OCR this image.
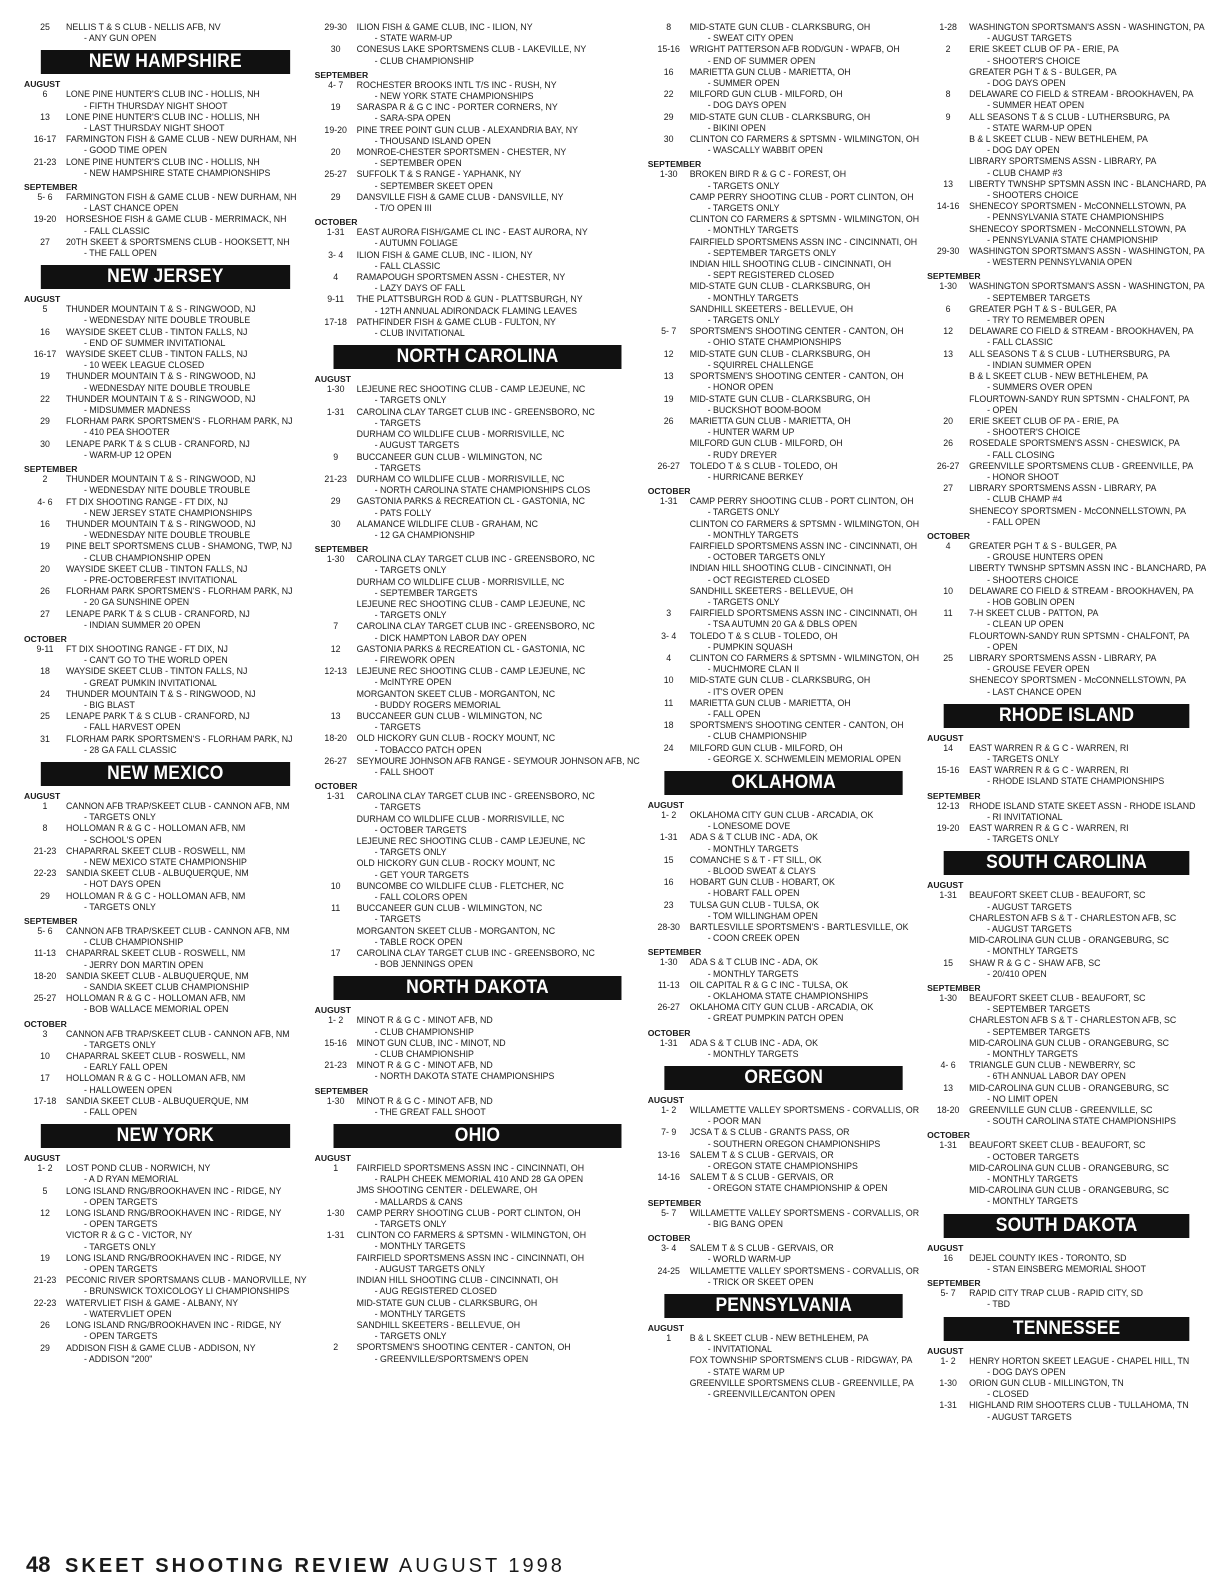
25	NELLIS T & S CLUB - NELLIS AFB, NV
- ANY GUN OPEN
NEW HAMPSHIRE
AUGUST
6	LONE PINE HUNTER'S CLUB INC - HOLLIS, NH
- FIFTH THURSDAY NIGHT SHOOT
13	LONE PINE HUNTER'S CLUB INC - HOLLIS, NH
- LAST THURSDAY NIGHT SHOOT
16-17	FARMINGTON FISH & GAME CLUB - NEW DURHAM, NH
- GOOD TIME OPEN
21-23	LONE PINE HUNTER'S CLUB INC - HOLLIS, NH
- NEW HAMPSHIRE STATE CHAMPIONSHIPS
SEPTEMBER
5- 6	FARMINGTON FISH & GAME CLUB - NEW DURHAM, NH
- LAST CHANCE OPEN
19-20	HORSESHOE FISH & GAME CLUB - MERRIMACK, NH
- FALL CLASSIC
27	20TH SKEET & SPORTSMENS CLUB - HOOKSETT, NH
- THE FALL OPEN
NEW JERSEY
AUGUST
5	THUNDER MOUNTAIN T & S - RINGWOOD, NJ
- WEDNESDAY NITE DOUBLE TROUBLE
16	WAYSIDE SKEET CLUB - TINTON FALLS, NJ
- END OF SUMMER INVITATIONAL
16-17	WAYSIDE SKEET CLUB - TINTON FALLS, NJ
- 10 WEEK LEAGUE CLOSED
19	THUNDER MOUNTAIN T & S - RINGWOOD, NJ
- WEDNESDAY NITE DOUBLE TROUBLE
22	THUNDER MOUNTAIN T & S - RINGWOOD, NJ
- MIDSUMMER MADNESS
29	FLORHAM PARK SPORTSMEN'S - FLORHAM PARK, NJ
- 410 PEA SHOOTER
30	LENAPE PARK T & S CLUB - CRANFORD, NJ
- WARM-UP 12 OPEN
SEPTEMBER
2	THUNDER MOUNTAIN T & S - RINGWOOD, NJ
- WEDNESDAY NITE DOUBLE TROUBLE
4- 6	FT DIX SHOOTING RANGE - FT DIX, NJ
- NEW JERSEY STATE CHAMPIONSHIPS
16	THUNDER MOUNTAIN T & S - RINGWOOD, NJ
- WEDNESDAY NITE DOUBLE TROUBLE
19	PINE BELT SPORTSMENS CLUB - SHAMONG, TWP, NJ
- CLUB CHAMPIONSHIP OPEN
20	WAYSIDE SKEET CLUB - TINTON FALLS, NJ
- PRE-OCTOBERFEST INVITATIONAL
26	FLORHAM PARK SPORTSMEN'S - FLORHAM PARK, NJ
- 20 GA SUNSHINE OPEN
27	LENAPE PARK T & S CLUB - CRANFORD, NJ
- INDIAN SUMMER 20 OPEN
OCTOBER
9-11	FT DIX SHOOTING RANGE - FT DIX, NJ
- CAN'T GO TO THE WORLD OPEN
18	WAYSIDE SKEET CLUB - TINTON FALLS, NJ
- GREAT PUMKIN INVITATIONAL
24	THUNDER MOUNTAIN T & S - RINGWOOD, NJ
- BIG BLAST
25	LENAPE PARK T & S CLUB - CRANFORD, NJ
- FALL HARVEST OPEN
31	FLORHAM PARK SPORTSMEN'S - FLORHAM PARK, NJ
- 28 GA FALL CLASSIC
NEW MEXICO
AUGUST
1	CANNON AFB TRAP/SKEET CLUB - CANNON AFB, NM
- TARGETS ONLY
8	HOLLOMAN R & G C - HOLLOMAN AFB, NM
- SCHOOL'S OPEN
21-23	CHAPARRAL SKEET CLUB - ROSWELL, NM
- NEW MEXICO STATE CHAMPIONSHIP
22-23	SANDIA SKEET CLUB - ALBUQUERQUE, NM
- HOT DAYS OPEN
29	HOLLOMAN R & G C - HOLLOMAN AFB, NM
- TARGETS ONLY
SEPTEMBER
5- 6	CANNON AFB TRAP/SKEET CLUB - CANNON AFB, NM
- CLUB CHAMPIONSHIP
11-13	CHAPARRAL SKEET CLUB - ROSWELL, NM
- JERRY DON MARTIN OPEN
18-20	SANDIA SKEET CLUB - ALBUQUERQUE, NM
- SANDIA SKEET CLUB CHAMPIONSHIP
25-27	HOLLOMAN R & G C - HOLLOMAN AFB, NM
- BOB WALLACE MEMORIAL OPEN
OCTOBER
3	CANNON AFB TRAP/SKEET CLUB - CANNON AFB, NM
- TARGETS ONLY
10	CHAPARRAL SKEET CLUB - ROSWELL, NM
- EARLY FALL OPEN
17	HOLLOMAN R & G C - HOLLOMAN AFB, NM
- HALLOWEEN OPEN
17-18	SANDIA SKEET CLUB - ALBUQUERQUE, NM
- FALL OPEN
NEW YORK
AUGUST
1- 2	LOST POND CLUB - NORWICH, NY
- A D RYAN MEMORIAL
5	LONG ISLAND RNG/BROOKHAVEN INC - RIDGE, NY
- OPEN TARGETS
12	LONG ISLAND RNG/BROOKHAVEN INC - RIDGE, NY
- OPEN TARGETS
VICTOR R & G C - VICTOR, NY
- TARGETS ONLY
19	LONG ISLAND RNG/BROOKHAVEN INC - RIDGE, NY
- OPEN TARGETS
21-23	PECONIC RIVER SPORTSMANS CLUB - MANORVILLE, NY
- BRUNSWICK TOXICOLOGY LI CHAMPIONSHIPS
22-23	WATERVLIET FISH & GAME - ALBANY, NY
- WATERVLIET OPEN
26	LONG ISLAND RNG/BROOKHAVEN INC - RIDGE, NY
- OPEN TARGETS
29	ADDISON FISH & GAME CLUB - ADDISON, NY
- ADDISON "200"
29-30	ILION FISH & GAME CLUB, INC - ILION, NY
- STATE WARM-UP
30	CONESUS LAKE SPORTSMENS CLUB - LAKEVILLE, NY
- CLUB CHAMPIONSHIP
SEPTEMBER
4- 7	ROCHESTER BROOKS INTL T/S INC - RUSH, NY
- NEW YORK STATE CHAMPIONSHIPS
19	SARASPA R & G C INC - PORTER CORNERS, NY
- SARA-SPA OPEN
19-20	PINE TREE POINT GUN CLUB - ALEXANDRIA BAY, NY
- THOUSAND ISLAND OPEN
20	MONROE-CHESTER SPORTSMEN - CHESTER, NY
- SEPTEMBER OPEN
25-27	SUFFOLK T & S RANGE - YAPHANK, NY
- SEPTEMBER SKEET OPEN
29	DANSVILLE FISH & GAME CLUB - DANSVILLE, NY
- T/O OPEN III
OCTOBER
1-31	EAST AURORA FISH/GAME CL INC - EAST AURORA, NY
- AUTUMN FOLIAGE
3- 4	ILION FISH & GAME CLUB, INC - ILION, NY
- FALL CLASSIC
4	RAMAPOUGH SPORTSMEN ASSN - CHESTER, NY
- LAZY DAYS OF FALL
9-11	THE PLATTSBURGH ROD & GUN - PLATTSBURGH, NY
- 12TH ANNUAL ADIRONDACK FLAMING LEAVES
17-18	PATHFINDER FISH & GAME CLUB - FULTON, NY
- CLUB INVITATIONAL
NORTH CAROLINA
AUGUST
1-30	LEJEUNE REC SHOOTING CLUB - CAMP LEJEUNE, NC
- TARGETS ONLY
1-31	CAROLINA CLAY TARGET CLUB INC - GREENSBORO, NC
- TARGETS
DURHAM CO WILDLIFE CLUB - MORRISVILLE, NC
- AUGUST TARGETS
9	BUCCANEER GUN CLUB - WILMINGTON, NC
- TARGETS
21-23	DURHAM CO WILDLIFE CLUB - MORRISVILLE, NC
- NORTH CAROLINA STATE CHAMPIONSHIPS CLOS
29	GASTONIA PARKS & RECREATION CL - GASTONIA, NC
- PATS FOLLY
30	ALAMANCE WILDLIFE CLUB - GRAHAM, NC
- 12 GA CHAMPIONSHIP
SEPTEMBER
1-30	CAROLINA CLAY TARGET CLUB INC - GREENSBORO, NC
- TARGETS ONLY
DURHAM CO WILDLIFE CLUB - MORRISVILLE, NC
- SEPTEMBER TARGETS
LEJEUNE REC SHOOTING CLUB - CAMP LEJEUNE, NC
- TARGETS ONLY
7	CAROLINA CLAY TARGET CLUB INC - GREENSBORO, NC
- DICK HAMPTON LABOR DAY OPEN
12	GASTONIA PARKS & RECREATION CL - GASTONIA, NC
- FIREWORK OPEN
12-13	LEJEUNE REC SHOOTING CLUB - CAMP LEJEUNE, NC
- McINTYRE OPEN
MORGANTON SKEET CLUB - MORGANTON, NC
- BUDDY ROGERS MEMORIAL
13	BUCCANEER GUN CLUB - WILMINGTON, NC
- TARGETS
18-20	OLD HICKORY GUN CLUB - ROCKY MOUNT, NC
- TOBACCO PATCH OPEN
26-27	SEYMOURE JOHNSON AFB RANGE - SEYMOUR JOHNSON AFB, NC
- FALL SHOOT
OCTOBER
1-31	CAROLINA CLAY TARGET CLUB INC - GREENSBORO, NC
- TARGETS
DURHAM CO WILDLIFE CLUB - MORRISVILLE, NC
- OCTOBER TARGETS
LEJEUNE REC SHOOTING CLUB - CAMP LEJEUNE, NC
- TARGETS ONLY
OLD HICKORY GUN CLUB - ROCKY MOUNT, NC
- GET YOUR TARGETS
10	BUNCOMBE CO WILDLIFE CLUB - FLETCHER, NC
- FALL COLORS OPEN
11	BUCCANEER GUN CLUB - WILMINGTON, NC
- TARGETS
MORGANTON SKEET CLUB - MORGANTON, NC
- TABLE ROCK OPEN
17	CAROLINA CLAY TARGET CLUB INC - GREENSBORO, NC
- BOB JENNINGS OPEN
NORTH DAKOTA
AUGUST
1- 2	MINOT R & G C - MINOT AFB, ND
- CLUB CHAMPIONSHIP
15-16	MINOT GUN CLUB, INC - MINOT, ND
- CLUB CHAMPIONSHIP
21-23	MINOT R & G C - MINOT AFB, ND
- NORTH DAKOTA STATE CHAMPIONSHIPS
SEPTEMBER
1-30	MINOT R & G C - MINOT AFB, ND
- THE GREAT FALL SHOOT
OHIO
AUGUST
1	FAIRFIELD SPORTSMENS ASSN INC - CINCINNATI, OH
- RALPH CHEEK MEMORIAL 410 AND 28 GA OPEN
JMS SHOOTING CENTER - DELEWARE, OH
- MALLARDS & CANS
1-30	CAMP PERRY SHOOTING CLUB - PORT CLINTON, OH
- TARGETS ONLY
1-31	CLINTON CO FARMERS & SPTSMN - WILMINGTON, OH
- MONTHLY TARGETS
FAIRFIELD SPORTSMENS ASSN INC - CINCINNATI, OH
- AUGUST TARGETS ONLY
INDIAN HILL SHOOTING CLUB - CINCINNATI, OH
- AUG REGISTERED CLOSED
MID-STATE GUN CLUB - CLARKSBURG, OH
- MONTHLY TARGETS
SANDHILL SKEETERS - BELLEVUE, OH
- TARGETS ONLY
2	SPORTSMEN'S SHOOTING CENTER - CANTON, OH
- GREENVILLE/SPORTSMEN'S OPEN
8	MID-STATE GUN CLUB - CLARKSBURG, OH
- SWEAT CITY OPEN
15-16	WRIGHT PATTERSON AFB ROD/GUN - WPAFB, OH
- END OF SUMMER OPEN
16	MARIETTA GUN CLUB - MARIETTA, OH
- SUMMER OPEN
22	MILFORD GUN CLUB - MILFORD, OH
- DOG DAYS OPEN
29	MID-STATE GUN CLUB - CLARKSBURG, OH
- BIKINI OPEN
30	CLINTON CO FARMERS & SPTSMN - WILMINGTON, OH
- WASCALLY WABBIT OPEN
SEPTEMBER
1-30	BROKEN BIRD R & G C - FOREST, OH
- TARGETS ONLY
CAMP PERRY SHOOTING CLUB - PORT CLINTON, OH
- TARGETS ONLY
CLINTON CO FARMERS & SPTSMN - WILMINGTON, OH
- MONTHLY TARGETS
FAIRFIELD SPORTSMENS ASSN INC - CINCINNATI, OH
- SEPTEMBER TARGETS ONLY
INDIAN HILL SHOOTING CLUB - CINCINNATI, OH
- SEPT REGISTERED CLOSED
MID-STATE GUN CLUB - CLARKSBURG, OH
- MONTHLY TARGETS
SANDHILL SKEETERS - BELLEVUE, OH
- TARGETS ONLY
5- 7	SPORTSMEN'S SHOOTING CENTER - CANTON, OH
- OHIO STATE CHAMPIONSHIPS
12	MID-STATE GUN CLUB - CLARKSBURG, OH
- SQUIRREL CHALLENGE
13	SPORTSMEN'S SHOOTING CENTER - CANTON, OH
- HONOR OPEN
19	MID-STATE GUN CLUB - CLARKSBURG, OH
- BUCKSHOT BOOM-BOOM
26	MARIETTA GUN CLUB - MARIETTA, OH
- HUNTER WARM UP
MILFORD GUN CLUB - MILFORD, OH
- RUDY DREYER
26-27	TOLEDO T & S CLUB - TOLEDO, OH
- HURRICANE BERKEY
OCTOBER
1-31	CAMP PERRY SHOOTING CLUB - PORT CLINTON, OH
- TARGETS ONLY
CLINTON CO FARMERS & SPTSMN - WILMINGTON, OH
- MONTHLY TARGETS
FAIRFIELD SPORTSMENS ASSN INC - CINCINNATI, OH
- OCTOBER TARGETS ONLY
INDIAN HILL SHOOTING CLUB - CINCINNATI, OH
- OCT REGISTERED CLOSED
SANDHILL SKEETERS - BELLEVUE, OH
- TARGETS ONLY
3	FAIRFIELD SPORTSMENS ASSN INC - CINCINNATI, OH
- TSA AUTUMN 20 GA & DBLS OPEN
3- 4	TOLEDO T & S CLUB - TOLEDO, OH
- PUMPKIN SQUASH
4	CLINTON CO FARMERS & SPTSMN - WILMINGTON, OH
- MUCHMORE CLAN II
10	MID-STATE GUN CLUB - CLARKSBURG, OH
- IT'S OVER OPEN
11	MARIETTA GUN CLUB - MARIETTA, OH
- FALL OPEN
18	SPORTSMEN'S SHOOTING CENTER - CANTON, OH
- CLUB CHAMPIONSHIP
24	MILFORD GUN CLUB - MILFORD, OH
- GEORGE X. SCHWEMLEIN MEMORIAL OPEN
OKLAHOMA
AUGUST
1- 2	OKLAHOMA CITY GUN CLUB - ARCADIA, OK
- LONESOME DOVE
1-31	ADA S & T CLUB INC - ADA, OK
- MONTHLY TARGETS
15	COMANCHE S & T - FT SILL, OK
- BLOOD SWEAT & CLAYS
16	HOBART GUN CLUB - HOBART, OK
- HOBART FALL OPEN
23	TULSA GUN CLUB - TULSA, OK
- TOM WILLINGHAM OPEN
28-30	BARTLESVILLE SPORTSMEN'S - BARTLESVILLE, OK
- COON CREEK OPEN
SEPTEMBER
1-30	ADA S & T CLUB INC - ADA, OK
- MONTHLY TARGETS
11-13	OIL CAPITAL R & G C INC - TULSA, OK
- OKLAHOMA STATE CHAMPIONSHIPS
26-27	OKLAHOMA CITY GUN CLUB - ARCADIA, OK
- GREAT PUMPKIN PATCH OPEN
OCTOBER
1-31	ADA S & T CLUB INC - ADA, OK
- MONTHLY TARGETS
OREGON
AUGUST
1- 2	WILLAMETTE VALLEY SPORTSMENS - CORVALLIS, OR
- POOR MAN
7- 9	JCSA T & S CLUB - GRANTS PASS, OR
- SOUTHERN OREGON CHAMPIONSHIPS
13-16	SALEM T & S CLUB - GERVAIS, OR
- OREGON STATE CHAMPIONSHIPS
14-16	SALEM T & S CLUB - GERVAIS, OR
- OREGON STATE CHAMPIONSHIP & OPEN
SEPTEMBER
5- 7	WILLAMETTE VALLEY SPORTSMENS - CORVALLIS, OR
- BIG BANG OPEN
OCTOBER
3- 4	SALEM T & S CLUB - GERVAIS, OR
- WORLD WARM-UP
24-25	WILLAMETTE VALLEY SPORTSMENS - CORVALLIS, OR
- TRICK OR SKEET OPEN
PENNSYLVANIA
AUGUST
1	B & L SKEET CLUB - NEW BETHLEHEM, PA
- INVITATIONAL
FOX TOWNSHIP SPORTSMEN'S CLUB - RIDGWAY, PA
- STATE WARM UP
GREENVILLE SPORTSMENS CLUB - GREENVILLE, PA
- GREENVILLE/CANTON OPEN
1-28	WASHINGTON SPORTSMAN'S ASSN - WASHINGTON, PA
- AUGUST TARGETS
2	ERIE SKEET CLUB OF PA - ERIE, PA
- SHOOTER'S CHOICE
GREATER PGH T & S - BULGER, PA
- DOG DAYS OPEN
8	DELAWARE CO FIELD & STREAM - BROOKHAVEN, PA
- SUMMER HEAT OPEN
9	ALL SEASONS T & S CLUB - LUTHERSBURG, PA
- STATE WARM-UP OPEN
B & L SKEET CLUB - NEW BETHLEHEM, PA
- DOG DAY OPEN
LIBRARY SPORTSMENS ASSN - LIBRARY, PA
- CLUB CHAMP #3
13	LIBERTY TWNSHP SPTSMN ASSN INC - BLANCHARD, PA
- SHOOTERS CHOICE
14-16	SHENECOY SPORTSMEN - McCONNELLSTOWN, PA
- PENNSYLVANIA STATE CHAMPIONSHIPS
SHENECOY SPORTSMEN - McCONNELLSTOWN, PA
- PENNSYLVANIA STATE CHAMPIONSHIP
29-30	WASHINGTON SPORTSMAN'S ASSN - WASHINGTON, PA
- WESTERN PENNSYLVANIA OPEN
SEPTEMBER
1-30	WASHINGTON SPORTSMAN'S ASSN - WASHINGTON, PA
- SEPTEMBER TARGETS
6	GREATER PGH T & S - BULGER, PA
- TRY TO REMEMBER OPEN
12	DELAWARE CO FIELD & STREAM - BROOKHAVEN, PA
- FALL CLASSIC
13	ALL SEASONS T & S CLUB - LUTHERSBURG, PA
- INDIAN SUMMER OPEN
B & L SKEET CLUB - NEW BETHLEHEM, PA
- SUMMERS OVER OPEN
FLOURTOWN-SANDY RUN SPTSMN - CHALFONT, PA
- OPEN
20	ERIE SKEET CLUB OF PA - ERIE, PA
- SHOOTER'S CHOICE
26	ROSEDALE SPORTSMEN'S ASSN - CHESWICK, PA
- FALL CLOSING
26-27	GREENVILLE SPORTSMENS CLUB - GREENVILLE, PA
- HONOR SHOOT
27	LIBRARY SPORTSMENS ASSN - LIBRARY, PA
- CLUB CHAMP #4
SHENECOY SPORTSMEN - McCONNELLSTOWN, PA
- FALL OPEN
OCTOBER
4	GREATER PGH T & S - BULGER, PA
- GROUSE HUNTERS OPEN
LIBERTY TWNSHP SPTSMN ASSN INC - BLANCHARD, PA
- SHOOTERS CHOICE
10	DELAWARE CO FIELD & STREAM - BROOKHAVEN, PA
- HOB GOBLIN OPEN
11	7-H SKEET CLUB - PATTON, PA
- CLEAN UP OPEN
FLOURTOWN-SANDY RUN SPTSMN - CHALFONT, PA
- OPEN
25	LIBRARY SPORTSMENS ASSN - LIBRARY, PA
- GROUSE FEVER OPEN
SHENECOY SPORTSMEN - McCONNELLSTOWN, PA
- LAST CHANCE OPEN
RHODE ISLAND
AUGUST
14	EAST WARREN R & G C - WARREN, RI
- TARGETS ONLY
15-16	EAST WARREN R & G C - WARREN, RI
- RHODE ISLAND STATE CHAMPIONSHIPS
SEPTEMBER
12-13	RHODE ISLAND STATE SKEET ASSN - RHODE ISLAND
- RI INVITATIONAL
19-20	EAST WARREN R & G C - WARREN, RI
- TARGETS ONLY
SOUTH CAROLINA
AUGUST
1-31	BEAUFORT SKEET CLUB - BEAUFORT, SC
- AUGUST TARGETS
CHARLESTON AFB S & T - CHARLESTON AFB, SC
- AUGUST TARGETS
MID-CAROLINA GUN CLUB - ORANGEBURG, SC
- MONTHLY TARGETS
15	SHAW R & G C - SHAW AFB, SC
- 20/410 OPEN
SEPTEMBER
1-30	BEAUFORT SKEET CLUB - BEAUFORT, SC
- SEPTEMBER TARGETS
CHARLESTON AFB S & T - CHARLESTON AFB, SC
- SEPTEMBER TARGETS
MID-CAROLINA GUN CLUB - ORANGEBURG, SC
- MONTHLY TARGETS
4- 6	TRIANGLE GUN CLUB - NEWBERRY, SC
- 6TH ANNUAL LABOR DAY OPEN
13	MID-CAROLINA GUN CLUB - ORANGEBURG, SC
- NO LIMIT OPEN
18-20	GREENVILLE GUN CLUB - GREENVILLE, SC
- SOUTH CAROLINA STATE CHAMPIONSHIPS
OCTOBER
1-31	BEAUFORT SKEET CLUB - BEAUFORT, SC
- OCTOBER TARGETS
MID-CAROLINA GUN CLUB - ORANGEBURG, SC
- MONTHLY TARGETS
MID-CAROLINA GUN CLUB - ORANGEBURG, SC
- MONTHLY TARGETS
SOUTH DAKOTA
AUGUST
16	DEJEL COUNTY IKES - TORONTO, SD
- STAN EINSBERG MEMORIAL SHOOT
SEPTEMBER
5- 7	RAPID CITY TRAP CLUB - RAPID CITY, SD
- TBD
TENNESSEE
AUGUST
1- 2	HENRY HORTON SKEET LEAGUE - CHAPEL HILL, TN
- DOG DAYS OPEN
1-30	ORION GUN CLUB - MILLINGTON, TN
- CLOSED
1-31	HIGHLAND RIM SHOOTERS CLUB - TULLAHOMA, TN
- AUGUST TARGETS
48 SKEET SHOOTING REVIEW AUGUST 1998
